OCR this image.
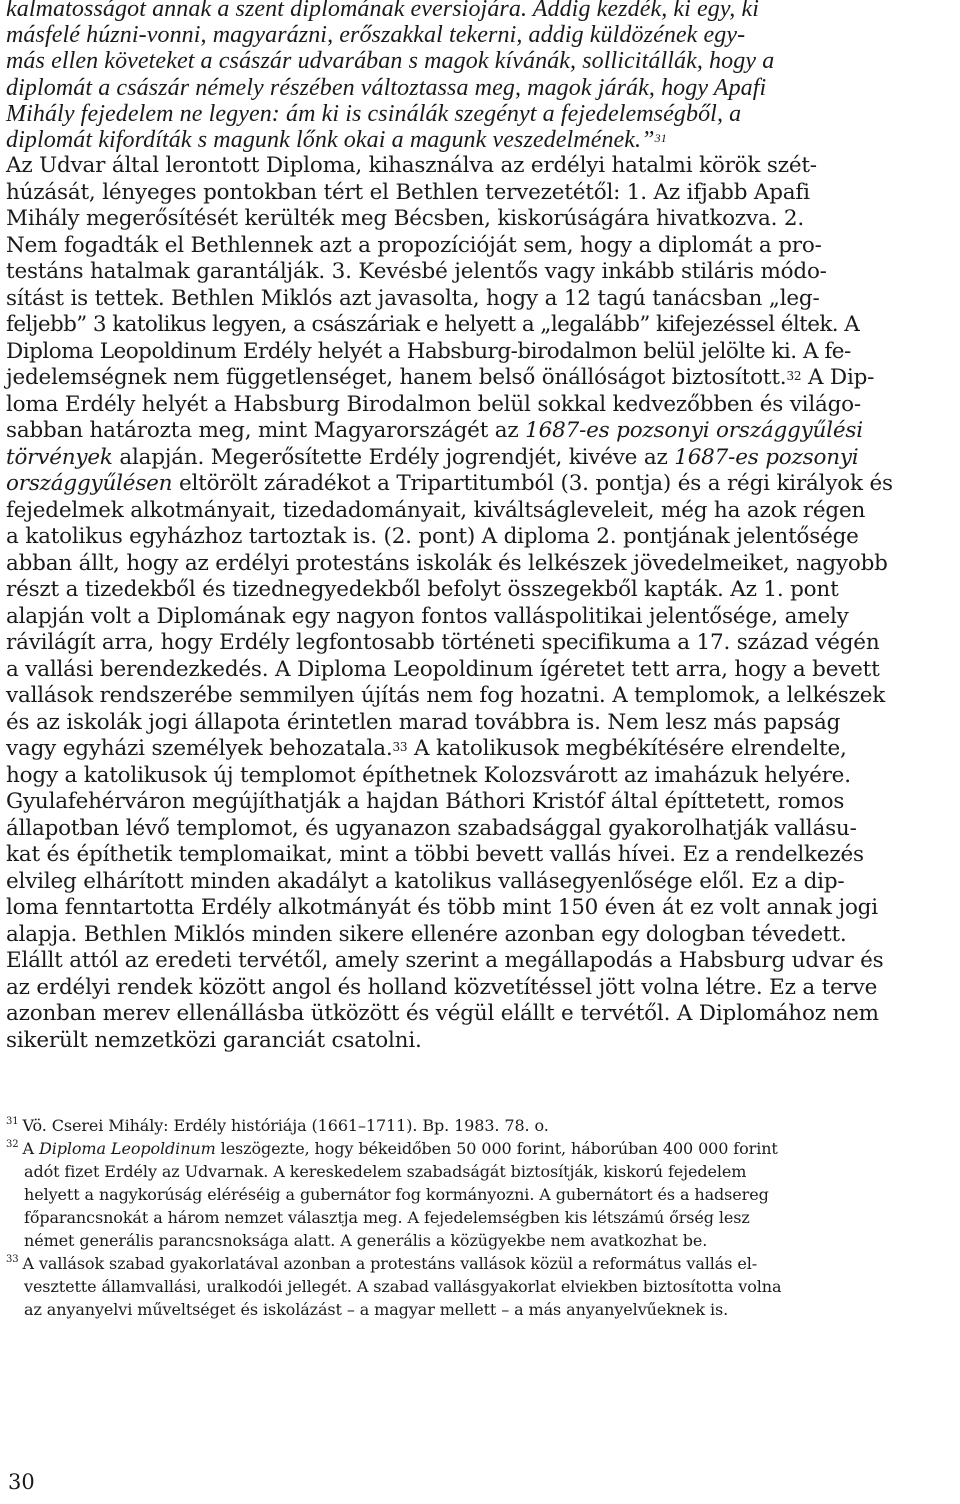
kalmatosságot annak a szent diplomának eversiojára. Addig kezdék, ki egy, ki
másfelé húzni-vonni, magyarázni, erőszakkal tekerni, addig küldözének egy-
más ellen követeket a császár udvarában s magok kívánák, sollicitállák, hogy a
diplomát a császár némely részében változtassa meg, magok járák, hogy Apafi
Mihály fejedelem ne legyen: ám ki is csinálák szegényt a fejedelemségből, a
diplomát kifordíták s magunk lőnk okai a magunk veszedelmének.”$^{31}$
Az Udvar által lerontott Diploma, kihasználva az erdélyi hatalmi körök szét-
húzását, lényeges pontokban tért el Bethlen tervezetétől: 1. Az ifjabb Apafi
Mihály megerősítését kerülték meg Bécsben, kiskorúságára hivatkozva. 2.
Nem fogadták el Bethlennek azt a propozícióját sem, hogy a diplomát a pro-
testáns hatalmak garantálják. 3. Kevésbé jelentős vagy inkább stiláris módo-
sítást is tettek. Bethlen Miklós azt javasolta, hogy a 12 tagú tanácsban „leg-
feljebb” 3 katolikus legyen, a császáriak e helyett a „legalább” kifejezéssel éltek. A
Diploma Leopoldinum Erdély helyét a Habsburg-birodalmon belül jelölte ki. A fe-
jedelemségnek nem függetlenséget, hanem belső önállóságot biztosított.$^{32}$ A Dip-
loma Erdély helyét a Habsburg Birodalmon belül sokkal kedvezőbben és világo-
sabban határozta meg, mint Magyarországét az 1687-es pozsonyi országgyűlési
törvények alapján. Megerősítette Erdély jogrendjét, kivéve az 1687-es pozsonyi
országgyűlésen eltörölt záradékot a Tripartitumból (3. pontja) és a régi királyok és
fejedelmek alkotmányait, tizedadományait, kiváltságleveleit, még ha azok régen
a katolikus egyházhoz tartoztak is. (2. pont) A diploma 2. pontjának jelentősége
abban állt, hogy az erdélyi protestáns iskolák és lelkészek jövedelmeiket, nagyobb
részt a tizedekből és tizednegyedekből befolyt összegekből kapták. Az 1. pont
alapján volt a Diplomának egy nagyon fontos valláspolitikai jelentősége, amely
rávilágít arra, hogy Erdély legfontosabb történeti specifikuma a 17. század végén
a vallási berendezkedés. A Diploma Leopoldinum ígéretet tett arra, hogy a bevett
vallások rendszerébe semmilyen újítás nem fog hozatni. A templomok, a lelkészek
és az iskolák jogi állapota érintetlen marad továbbra is. Nem lesz más papság
vagy egyházi személyek behozatala.$^{33}$ A katolikusok megbékítésére elrendelte,
hogy a katolikusok új templomot építhetnek Kolozsvárott az imaházuk helyére.
Gyulafehérváron megújíthatják a hajdan Báthori Kristóf által építtetett, romos
állapotban lévő templomot, és ugyanazon szabadsággal gyakorolhatják vallásu-
kat és építhetik templomaikat, mint a többi bevett vallás hívei. Ez a rendelkezés
elvileg elhárított minden akadályt a katolikus vallásegyenlősége elől. Ez a dip-
loma fenntartotta Erdély alkotmányát és több mint 150 éven át ez volt annak jogi
alapja. Bethlen Miklós minden sikere ellenére azonban egy dologban tévedett.
Elállt attól az eredeti tervétől, amely szerint a megállapodás a Habsburg udvar és
az erdélyi rendek között angol és holland közvetítéssel jött volna létre. Ez a terve
azonban merev ellenállásba ütközött és végül elállt e tervétől. A Diplomához nem
sikerült nemzetközi garanciát csatolni.
$^{31}$ Vö. Cserei Mihály: Erdély históriája (1661–1711). Bp. 1983. 78. o.
$^{32}$ A Diploma Leopoldinum leszögezte, hogy békeidőben 50 000 forint, háborúban 400 000 forint
adót fizet Erdély az Udvarnak. A kereskedelem szabadságát biztosítják, kiskorú fejedelem
helyett a nagykorúság eléréséig a gubernátor fog kormányozni. A gubernátort és a hadsereg
főparancsnokát a három nemzet választja meg. A fejedelemségben kis létszámú őrség lesz
német generális parancsnoksága alatt. A generális a közügyekbe nem avatkozhat be.
$^{33}$ A vallások szabad gyakorlatával azonban a protestáns vallások közül a református vallás el-
vesztette államvallási, uralkodói jellegét. A szabad vallásgyakorlat elviekben biztosította volna
az anyanyelvi műveltséget és iskolázást – a magyar mellett – a más anyanyelvűeknek is.
30
